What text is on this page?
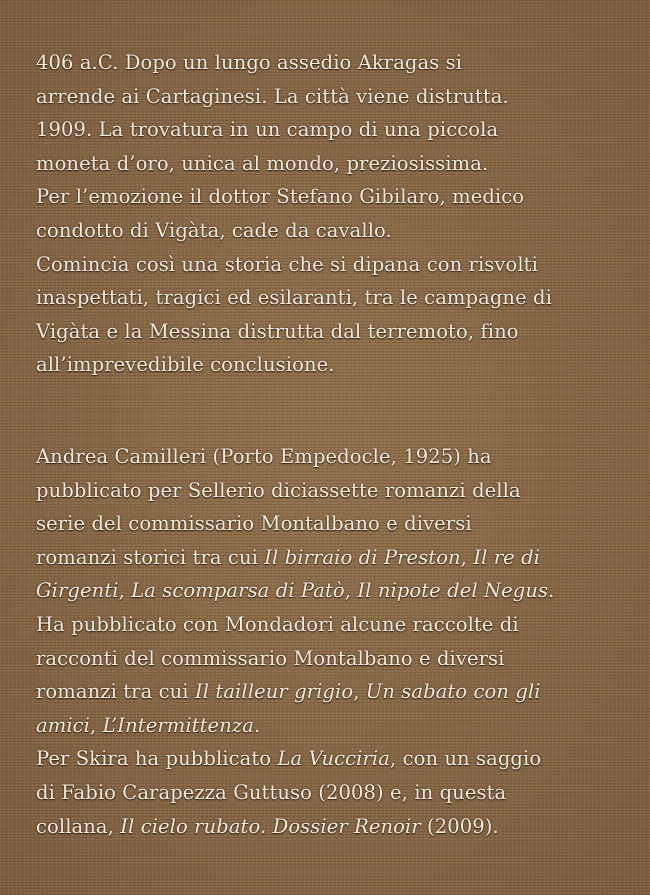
406 a.C. Dopo un lungo assedio Akragas si
arrende ai Cartaginesi. La città viene distrutta.
1909. La trovatura in un campo di una piccola
moneta d’oro, unica al mondo, preziosissima.
Per l’emozione il dottor Stefano Gibilaro, medico
condotto di Vigàta, cade da cavallo.
Comincia così una storia che si dipana con risvolti
inaspettati, tragici ed esilaranti, tra le campagne di
Vigàta e la Messina distrutta dal terremoto, fino
all’imprevedibile conclusione.
Andrea Camilleri (Porto Empedocle, 1925) ha
pubblicato per Sellerio diciassette romanzi della
serie del commissario Montalbano e diversi
romanzi storici tra cui Il birraio di Preston, Il re di
Girgenti, La scomparsa di Patò, Il nipote del Negus.
Ha pubblicato con Mondadori alcune raccolte di
racconti del commissario Montalbano e diversi
romanzi tra cui Il tailleur grigio, Un sabato con gli
amici, L’Intermittenza.
Per Skira ha pubblicato La Vucciria, con un saggio
di Fabio Carapezza Guttuso (2008) e, in questa
collana, Il cielo rubato. Dossier Renoir (2009).
